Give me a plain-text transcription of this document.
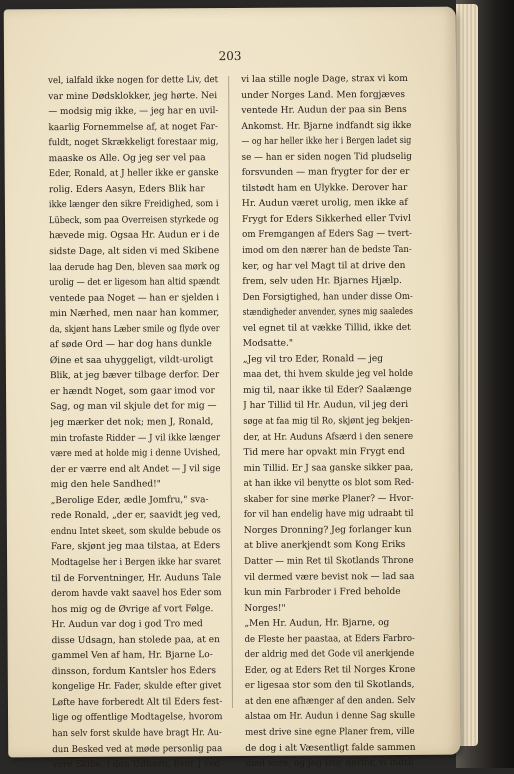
203
vel, ialfald ikke nogen for dette Liv, det
var mine Dødsklokker, jeg hørte. Nei
— modsig mig ikke, — jeg har en uvil-
kaarlig Fornemmelse af, at noget Far-
fuldt, noget Skrækkeligt forestaar mig,
maaske os Alle. Og jeg ser vel paa
Eder, Ronald, at J heller ikke er ganske
rolig. Eders Aasyn, Eders Blik har
ikke længer den sikre Freidighed, som i
Lübeck, som paa Overreisen styrkede og
hævede mig. Ogsaa Hr. Audun er i de
sidste Dage, alt siden vi med Skibene
laa derude hag Den, bleven saa mørk og
urolig — det er ligesom han altid spændt
ventede paa Noget — han er sjelden i
min Nærhed, men naar han kommer,
da, skjønt hans Læber smile og flyde over
af søde Ord — har dog hans dunkle
Øine et saa uhyggeligt, vildt-uroligt
Blik, at jeg bæver tilbage derfor. Der
er hændt Noget, som gaar imod vor
Sag, og man vil skjule det for mig —
jeg mærker det nok; men J, Ronald,
min trofaste Ridder — J vil ikke længer
være med at holde mig i denne Uvished,
der er værre end alt Andet — J vil sige
mig den hele Sandhed!"
„Berolige Eder, ædle Jomfru," sva-
rede Ronald, „der er, saavidt jeg ved,
endnu Intet skeet, som skulde bebude os
Fare, skjønt jeg maa tilstaa, at Eders
Modtagelse her i Bergen ikke har svaret
til de Forventninger, Hr. Auduns Tale
derom havde vakt saavel hos Eder som
hos mig og de Øvrige af vort Følge.
Hr. Audun var dog i god Tro med
disse Udsagn, han stolede paa, at en
gammel Ven af ham, Hr. Bjarne Lo-
dinsson, fordum Kantsler hos Eders
kongelige Hr. Fader, skulde efter givet
Løfte have forberedt Alt til Eders fest-
lige og offentlige Modtagelse, hvorom
han selv forst skulde have bragt Hr. Au-
dun Besked ved at møde personlig paa
vore Skibe, i den Udhavn, hvor J ved
vi laa stille nogle Dage, strax vi kom
under Norges Land. Men forgjæves
ventede Hr. Audun der paa sin Bens
Ankomst. Hr. Bjarne indfandt sig ikke
— og har heller ikke her i Bergen ladet sig
se — han er siden nogen Tid pludselig
forsvunden — man frygter for der er
tilstødt ham en Ulykke. Derover har
Hr. Audun været urolig, men ikke af
Frygt for Eders Sikkerhed eller Tvivl
om Fremgangen af Eders Sag — tvert-
imod om den nærer han de bedste Tan-
ker, og har vel Magt til at drive den
frem, selv uden Hr. Bjarnes Hjælp.
Den Forsigtighed, han under disse Om-
stændigheder anvender, synes mig saaledes
vel egnet til at vække Tillid, ikke det
Modsatte."
„Jeg vil tro Eder, Ronald — jeg
maa det, thi hvem skulde jeg vel holde
mig til, naar ikke til Eder? Saalænge
J har Tillid til Hr. Audun, vil jeg deri
søge at faa mig til Ro, skjønt jeg bekjen-
der, at Hr. Auduns Afsærd i den senere
Tid mere har opvakt min Frygt end
min Tillid. Er J saa ganske sikker paa,
at han ikke vil benytte os blot som Red-
skaber for sine mørke Planer? — Hvor-
for vil han endelig have mig udraabt til
Norges Dronning? Jeg forlanger kun
at blive anerkjendt som Kong Eriks
Datter — min Ret til Skotlands Throne
vil dermed være bevist nok — lad saa
kun min Farbroder i Fred beholde
Norges!"
„Men Hr. Audun, Hr. Bjarne, og
de Fleste her paastaa, at Eders Farbro-
der aldrig med det Gode vil anerkjende
Eder, og at Eders Ret til Norges Krone
er ligesaa stor som den til Skotlands,
at den ene afhænger af den anden. Selv
alstaa om Hr. Audun i denne Sag skulle
mest drive sine egne Planer frem, ville
de dog i alt Væsentligt falde sammen
med vore, og jeg tror derfor, vi indtil
